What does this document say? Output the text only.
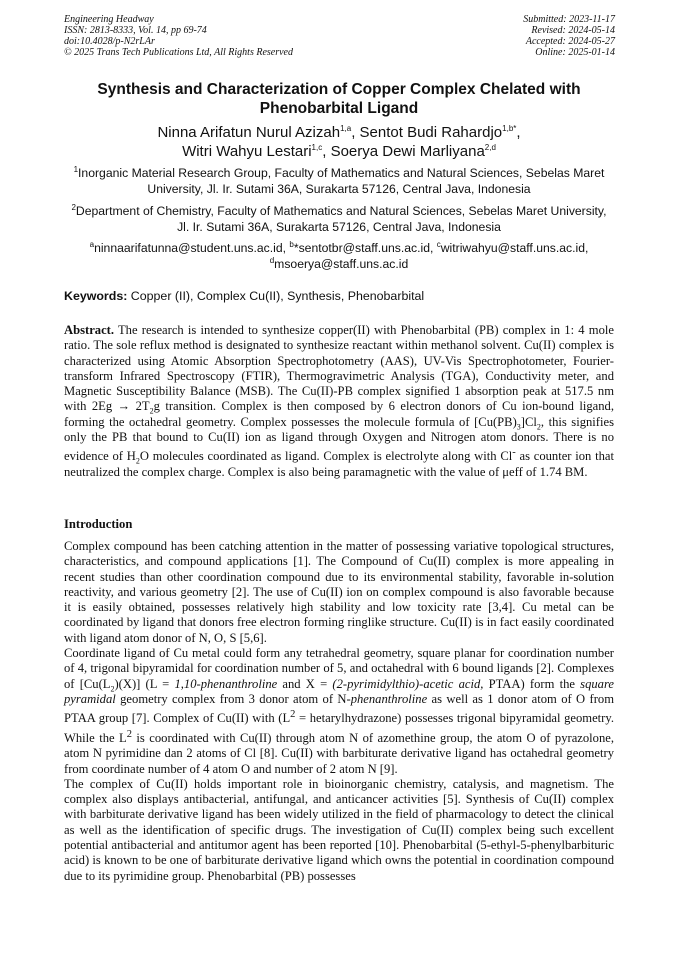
Engineering Headway
ISSN: 2813-8333, Vol. 14, pp 69-74
doi:10.4028/p-N2rLAr
© 2025 Trans Tech Publications Ltd, All Rights Reserved
Submitted: 2023-11-17
Revised: 2024-05-14
Accepted: 2024-05-27
Online: 2025-01-14
Synthesis and Characterization of Copper Complex Chelated with Phenobarbital Ligand
Ninna Arifatun Nurul Azizah$^{1,a}$, Sentot Budi Rahardjo$^{1,b*}$,
Witri Wahyu Lestari$^{1,c}$, Soerya Dewi Marliyana$^{2,d}$
$^1$Inorganic Material Research Group, Faculty of Mathematics and Natural Sciences, Sebelas Maret University, Jl. Ir. Sutami 36A, Surakarta 57126, Central Java, Indonesia
$^2$Department of Chemistry, Faculty of Mathematics and Natural Sciences, Sebelas Maret University, Jl. Ir. Sutami 36A, Surakarta 57126, Central Java, Indonesia
$^a$ninnaarifatunna@student.uns.ac.id, $^b$*sentotbr@staff.uns.ac.id, $^c$witriwahyu@staff.uns.ac.id,
$^d$msoerya@staff.uns.ac.id
Keywords: Copper (II), Complex Cu(II), Synthesis, Phenobarbital
Abstract. The research is intended to synthesize copper(II) with Phenobarbital (PB) complex in 1: 4 mole ratio. The sole reflux method is designated to synthesize reactant within methanol solvent. Cu(II) complex is characterized using Atomic Absorption Spectrophotometry (AAS), UV-Vis Spectrophotometer, Fourier-transform Infrared Spectroscopy (FTIR), Thermogravimetric Analysis (TGA), Conductivity meter, and Magnetic Susceptibility Balance (MSB). The Cu(II)-PB complex signified 1 absorption peak at 517.5 nm with $2Eg \to 2T_2g$ transition. Complex is then composed by 6 electron donors of Cu ion-bound ligand, forming the octahedral geometry. Complex possesses the molecule formula of $[Cu(PB)_3]Cl_2$, this signifies only the PB that bound to Cu(II) ion as ligand through Oxygen and Nitrogen atom donors. There is no evidence of $H_2O$ molecules coordinated as ligand. Complex is electrolyte along with Cl- as counter ion that neutralized the complex charge. Complex is also being paramagnetic with the value of μeff of 1.74 BM.
Introduction

Complex compound has been catching attention in the matter of possessing variative topological structures, characteristics, and compound applications [1]. The Compound of Cu(II) complex is more appealing in recent studies than other coordination compound due to its environmental stability, favorable in-solution reactivity, and various geometry [2]. The use of Cu(II) ion on complex compound is also favorable because it is easily obtained, possesses relatively high stability and low toxicity rate [3,4]. Cu metal can be coordinated by ligand that donors free electron forming ringlike structure. Cu(II) is in fact easily coordinated with ligand atom donor of N, O, S [5,6].

Coordinate ligand of Cu metal could form any tetrahedral geometry, square planar for coordination number of 4, trigonal bipyramidal for coordination number of 5, and octahedral with 6 bound ligands [2]. Complexes of $[Cu(L_2)(X)] (L$ = 1,10-phenanthroline and X = (2-pyrimidylthio)-acetic acid, PTAA) form the square pyramidal geometry complex from 3 donor atom of N-phenanthroline as well as 1 donor atom of O from PTAA group [7]. Complex of Cu(II) with ($L^2$ = hetarylhydrazone) possesses trigonal bipyramidal geometry. While the $L^2$ is coordinated with Cu(II) through atom N of azomethine group, the atom O of pyrazolone, atom N pyrimidine dan 2 atoms of Cl [8]. Cu(II) with barbiturate derivative ligand has octahedral geometry from coordinate number of 4 atom O and number of 2 atom N [9].

The complex of Cu(II) holds important role in bioinorganic chemistry, catalysis, and magnetism. The complex also displays antibacterial, antifungal, and anticancer activities [5]. Synthesis of Cu(II) complex with barbiturate derivative ligand has been widely utilized in the field of pharmacology to detect the clinical as well as the identification of specific drugs. The investigation of Cu(II) complex being such excellent potential antibacterial and antitumor agent has been reported [10]. Phenobarbital (5-ethyl-5-phenylbarbituric acid) is known to be one of barbiturate derivative ligand which owns the potential in coordination compound due to its pyrimidine group. Phenobarbital (PB) possesses
